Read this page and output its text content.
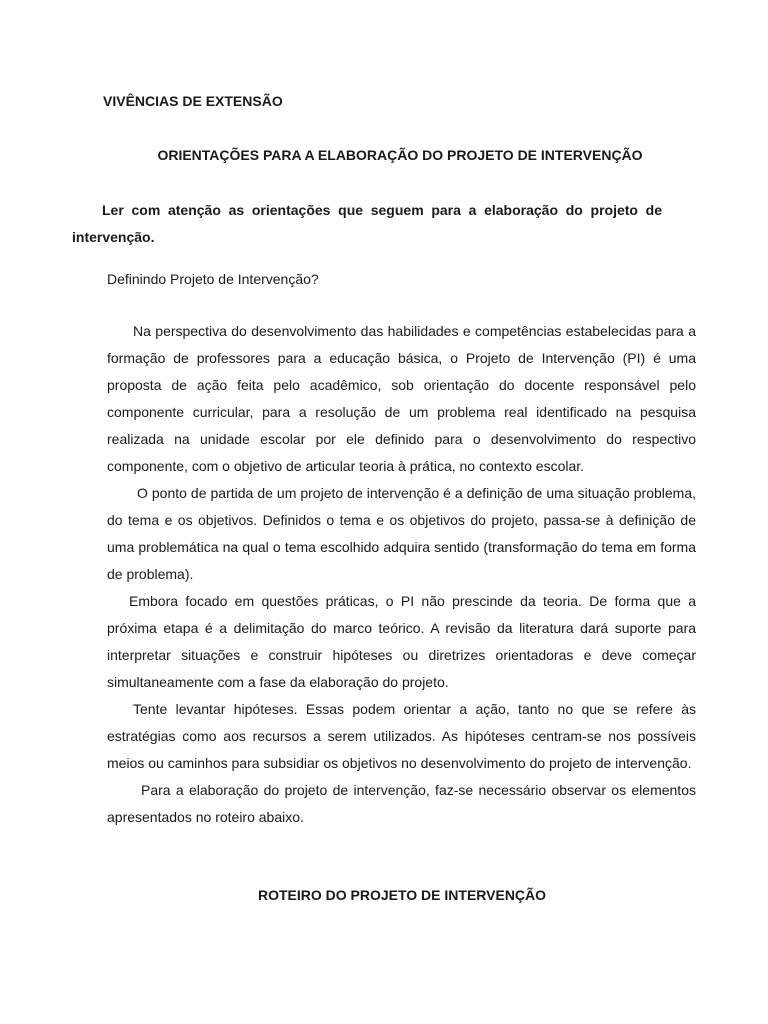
VIVÊNCIAS DE EXTENSÃO
ORIENTAÇÕES PARA A ELABORAÇÃO DO PROJETO DE INTERVENÇÃO
Ler com atenção as orientações que seguem para a elaboração do projeto de intervenção.
Definindo Projeto de Intervenção?

Na perspectiva do desenvolvimento das habilidades e competências estabelecidas para a formação de professores para a educação básica, o Projeto de Intervenção (PI) é uma proposta de ação feita pelo acadêmico, sob orientação do docente responsável pelo componente curricular, para a resolução de um problema real identificado na pesquisa realizada na unidade escolar por ele definido para o desenvolvimento do respectivo componente, com o objetivo de articular teoria à prática, no contexto escolar.

O ponto de partida de um projeto de intervenção é a definição de uma situação problema, do tema e os objetivos. Definidos o tema e os objetivos do projeto, passa-se à definição de uma problemática na qual o tema escolhido adquira sentido (transformação do tema em forma de problema).

Embora focado em questões práticas, o PI não prescinde da teoria. De forma que a próxima etapa é a delimitação do marco teórico. A revisão da literatura dará suporte para interpretar situações e construir hipóteses ou diretrizes orientadoras e deve começar simultaneamente com a fase da elaboração do projeto.

Tente levantar hipóteses. Essas podem orientar a ação, tanto no que se refere às estratégias como aos recursos a serem utilizados. As hipóteses centram-se nos possíveis meios ou caminhos para subsidiar os objetivos no desenvolvimento do projeto de intervenção.

Para a elaboração do projeto de intervenção, faz-se necessário observar os elementos apresentados no roteiro abaixo.

ROTEIRO DO PROJETO DE INTERVENÇÃO
